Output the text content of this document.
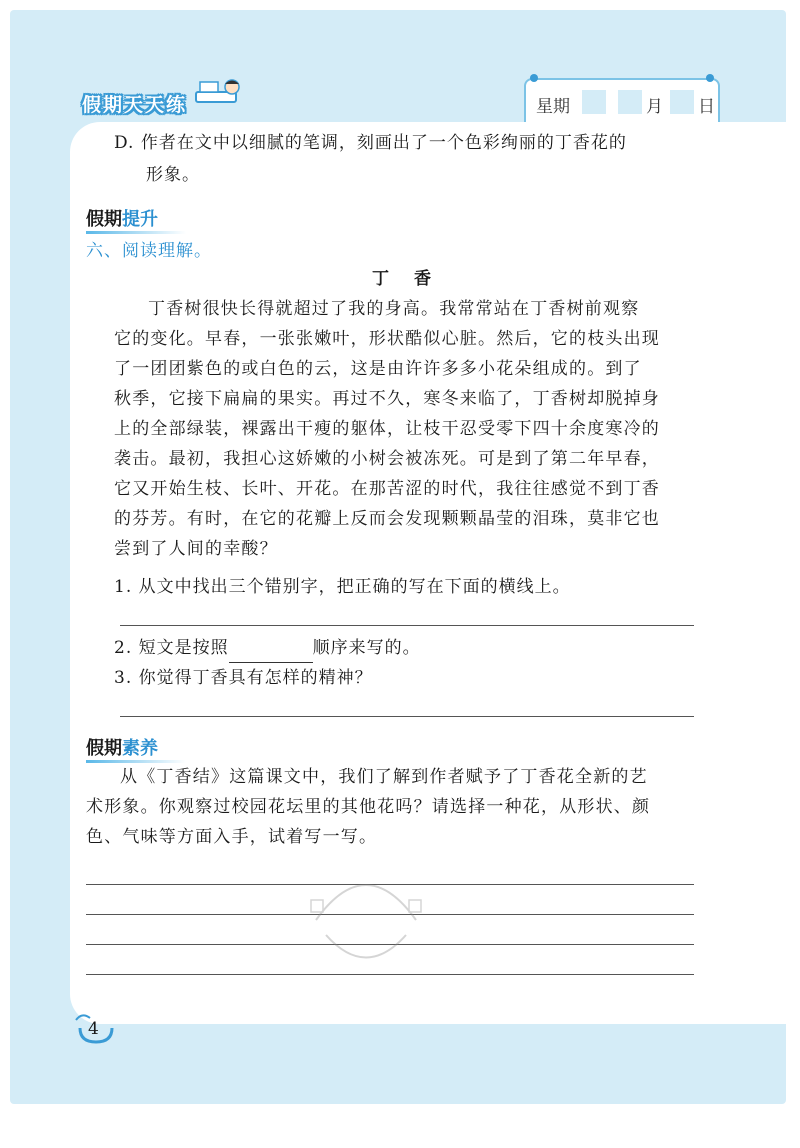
假期天天练	星期	月 日
D. 作者在文中以细腻的笔调，刻画出了一个色彩绚丽的丁香花的
形象。
假期提升
六、阅读理解。
丁　香
丁香树很快长得就超过了我的身高。我常常站在丁香树前观察
它的变化。早春，一张张嫩叶，形状酷似心脏。然后，它的枝头出现
了一团团紫色的或白色的云，这是由许许多多小花朵组成的。到了
秋季，它接下扁扁的果实。再过不久，寒冬来临了，丁香树却脱掉身
上的全部绿装，裸露出干瘦的躯体，让枝干忍受零下四十余度寒冷的
袭击。最初，我担心这娇嫩的小树会被冻死。可是到了第二年早春，
它又开始生枝、长叶、开花。在那苦涩的时代，我往往感觉不到丁香
的芬芳。有时，在它的花瓣上反而会发现颗颗晶莹的泪珠，莫非它也
尝到了人间的幸酸？
1. 从文中找出三个错别字，把正确的写在下面的横线上。
2. 短文是按照	顺序来写的。
3. 你觉得丁香具有怎样的精神？
假期素养
从《丁香结》这篇课文中，我们了解到作者赋予了丁香花全新的艺
术形象。你观察过校园花坛里的其他花吗？请选择一种花，从形状、颜
色、气味等方面入手，试着写一写。
4
